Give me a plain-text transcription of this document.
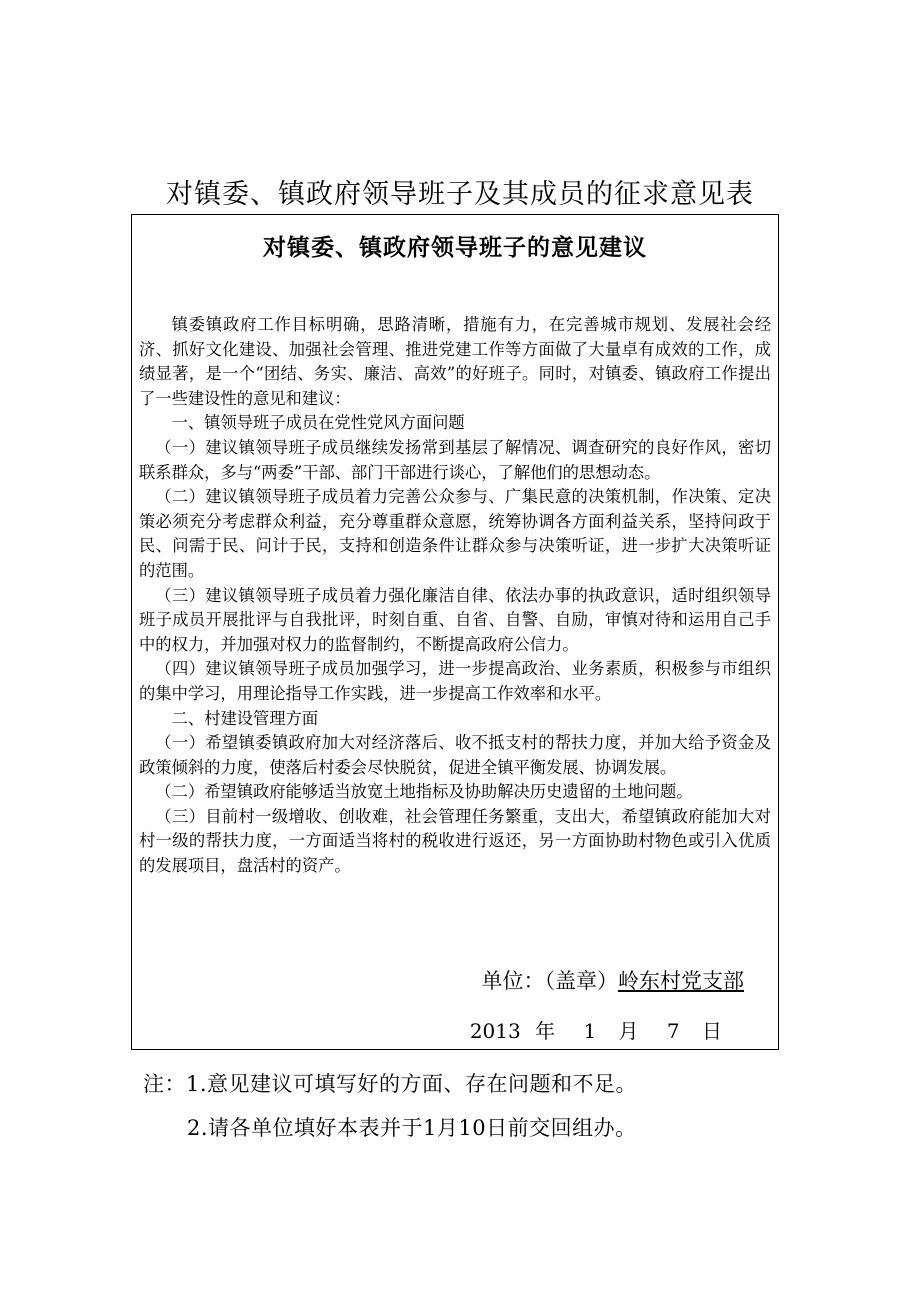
对镇委、镇政府领导班子及其成员的征求意见表
对镇委、镇政府领导班子的意见建议

镇委镇政府工作目标明确，思路清晰，措施有力，在完善城市规划、发展社会经济、抓好文化建设、加强社会管理、推进党建工作等方面做了大量卓有成效的工作，成绩显著，是一个“团结、务实、廉洁、高效”的好班子。同时，对镇委、镇政府工作提出了一些建设性的意见和建议：

一、镇领导班子成员在党性党风方面问题

（一）建议镇领导班子成员继续发扬常到基层了解情况、调查研究的良好作风，密切联系群众，多与“两委”干部、部门干部进行谈心，了解他们的思想动态。

（二）建议镇领导班子成员着力完善公众参与、广集民意的决策机制，作决策、定决策必须充分考虑群众利益，充分尊重群众意愿，统筹协调各方面利益关系，坚持问政于民、问需于民、问计于民，支持和创造条件让群众参与决策听证，进一步扩大决策听证的范围。

（三）建议镇领导班子成员着力强化廉洁自律、依法办事的执政意识，适时组织领导班子成员开展批评与自我批评，时刻自重、自省、自警、自励，审慎对待和运用自己手中的权力，并加强对权力的监督制约，不断提高政府公信力。

（四）建议镇领导班子成员加强学习，进一步提高政治、业务素质，积极参与市组织的集中学习，用理论指导工作实践，进一步提高工作效率和水平。

二、村建设管理方面

（一）希望镇委镇政府加大对经济落后、收不抵支村的帮扶力度，并加大给予资金及政策倾斜的力度，使落后村委会尽快脱贫，促进全镇平衡发展、协调发展。

（二）希望镇政府能够适当放宽土地指标及协助解决历史遗留的土地问题。

（三）目前村一级增收、创收难，社会管理任务繁重，支出大，希望镇政府能加大对村一级的帮扶力度，一方面适当将村的税收进行返还，另一方面协助村物色或引入优质的发展项目，盘活村的资产。

单位：（盖章）岭东村党支部
2013 年 1 月 7 日
注：1.意见建议可填写好的方面、存在问题和不足。
2.请各单位填好本表并于1月10日前交回组办。
